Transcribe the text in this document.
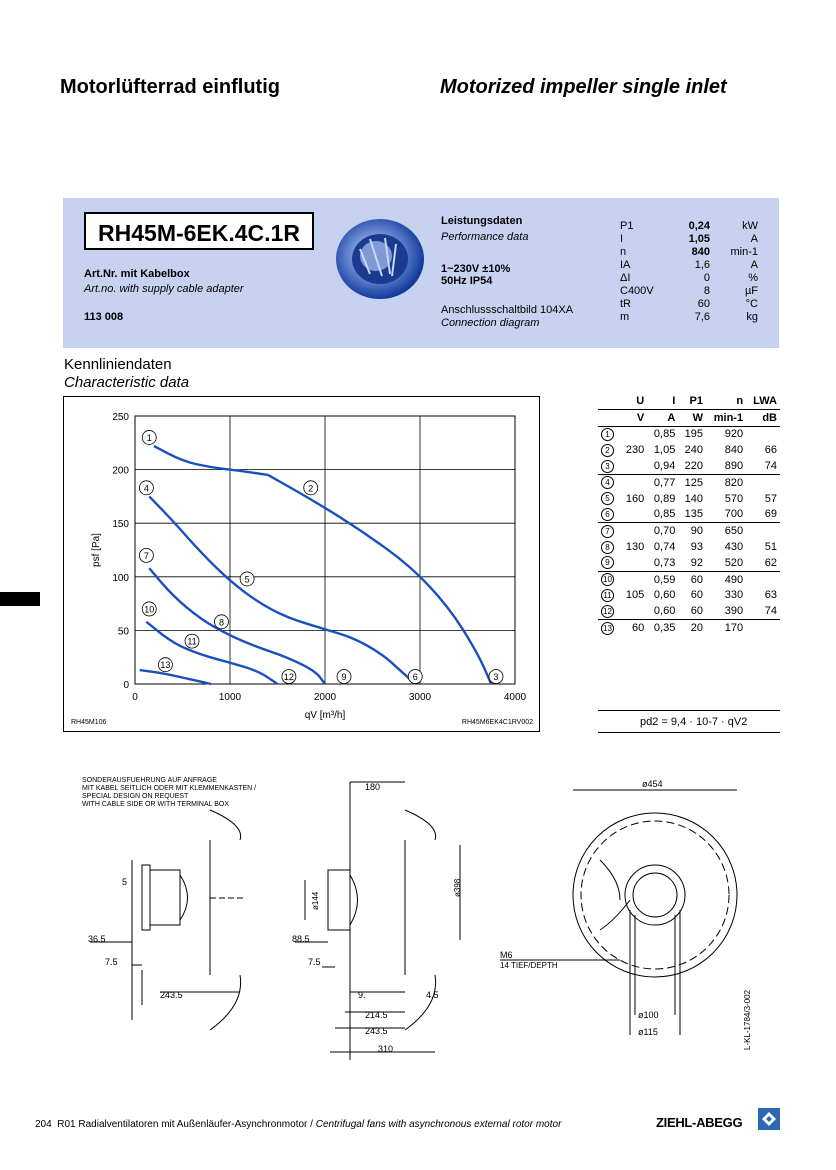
Motorlüfterrad einflutig	Motorized impeller single inlet
RH45M-6EK.4C.1R
Art.Nr. mit Kabelbox
Art.no. with supply cable adapter
113 008
Leistungsdaten
Performance data
1~230V ±10%
50Hz IP54
Anschlussschaltbild 104XA
Connection diagram
P1	0,24	kW
I	1,05	A
n	840	min-1
IA	1,6	A
ΔI	0	%
C400V	8	µF
tR	60	°C
m	7,6	kg
Kennliniendaten
Characteristic data
0	1000	2000	3000	4000
0
50
100
150
200
250
qV [m³/h]
psf [Pa]
RH45M106	RH45M6EK4C1RV002
1
2
4
5
6	3
7
8
10
11
9
12
13
	U	I	P1	n	LWA
	V	A	W	min-1	dB
1		0,85	195	920	
2	230	1,05	240	840	66
3		0,94	220	890	74
4		0,77	125	820	
5	160	0,89	140	570	57
6		0,85	135	700	69
7		0,70	90	650	
8	130	0,74	93	430	51
9		0,73	92	520	62
10		0,59	60	490	
11	105	0,60	60	330	63
12		0,60	60	390	74
13	60	0,35	20	170	
pd2 = 9,4 · 10-7 · qV2
SONDERAUSFUEHRUNG AUF ANFRAGE
MIT KABEL SEITLICH ODER MIT KLEMMENKASTEN /
SPECIAL DESIGN ON REQUEST
WITH CABLE SIDE OR WITH TERMINAL BOX
36.5
7.5
243.5
5
180
ø144
ø398
88.5
7.5
9.	4.5
214.5
243.5
310
ø454
M6
14 TIEF/DEPTH
ø100
ø115	L-KL-1784/3-002
204 R01 Radialventilatoren mit Außenläufer-Asynchronmotor / Centrifugal fans with asynchronous external rotor motor	ZIEHL-ABEGG
